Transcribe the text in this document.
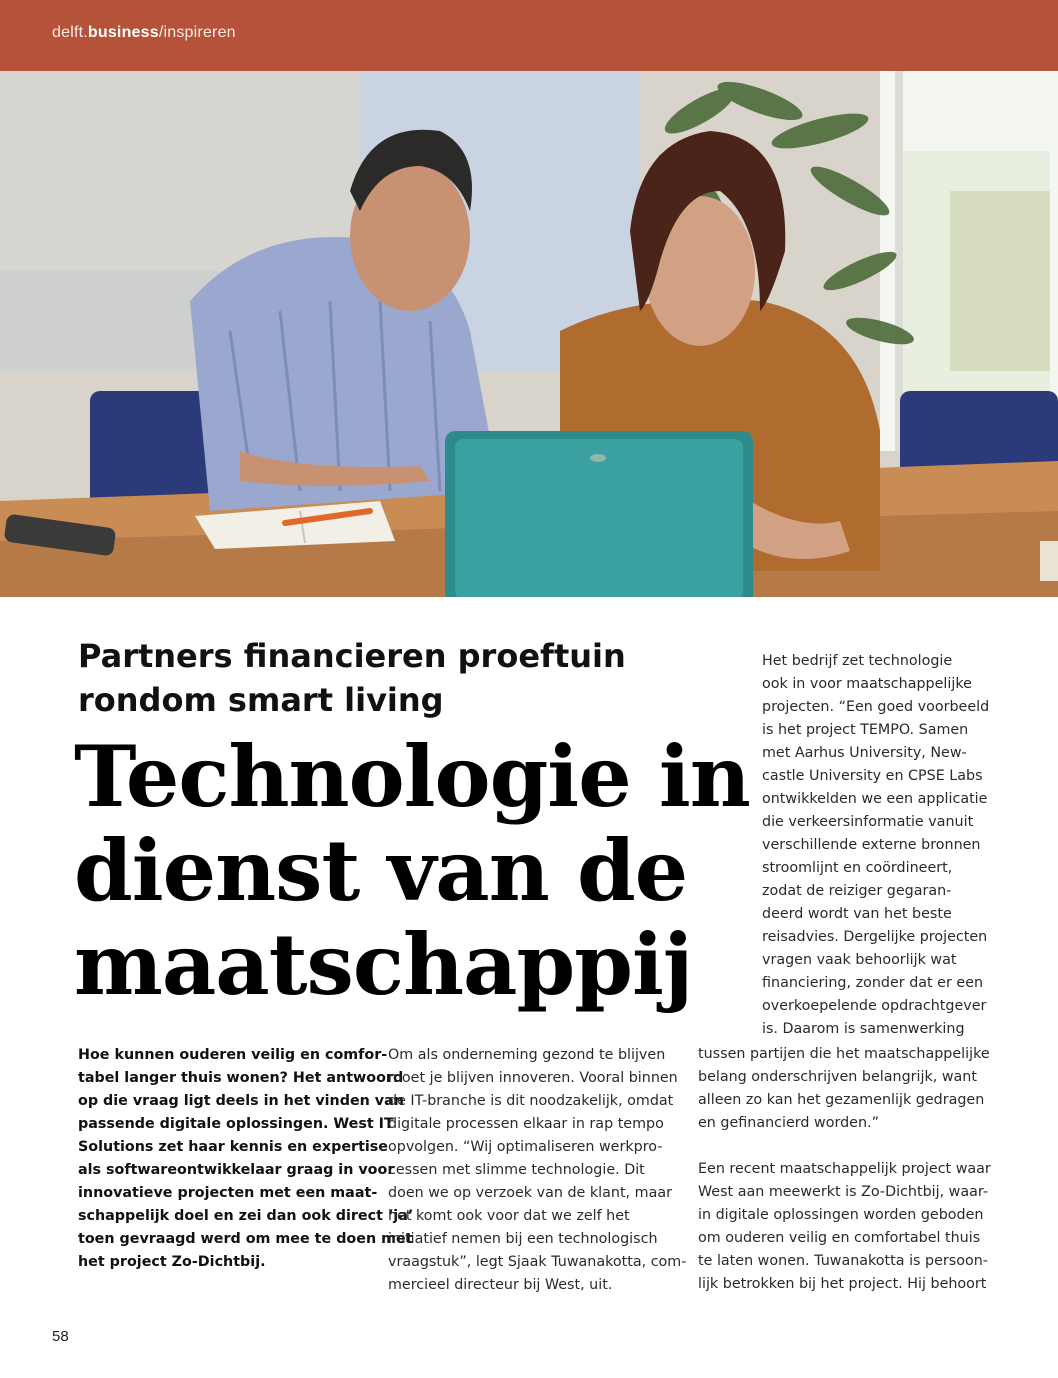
delft.business/inspireren
Partners financieren proeftuin
rondom smart living
Technologie in
dienst van de
maatschappij
Hoe kunnen ouderen veilig en comfor-
tabel langer thuis wonen? Het antwoord
op die vraag ligt deels in het vinden van
passende digitale oplossingen. West IT
Solutions zet haar kennis en expertise
als softwareontwikkelaar graag in voor
innovatieve projecten met een maat-
schappelijk doel en zei dan ook direct ‘ja’
toen gevraagd werd om mee te doen met
het project Zo-Dichtbij.
Om als onderneming gezond te blijven
moet je blijven innoveren. Vooral binnen
de IT-branche is dit noodzakelijk, omdat
digitale processen elkaar in rap tempo
opvolgen. “Wij optimaliseren werkpro-
cessen met slimme technologie. Dit
doen we op verzoek van de klant, maar
het komt ook voor dat we zelf het
initiatief nemen bij een technologisch
vraagstuk”, legt Sjaak Tuwanakotta, com-
mercieel directeur bij West, uit.
Het bedrijf zet technologie
ook in voor maatschappelijke
projecten. “Een goed voorbeeld
is het project TEMPO. Samen
met Aarhus University, New-
castle University en CPSE Labs
ontwikkelden we een applicatie
die verkeersinformatie vanuit
verschillende externe bronnen
stroomlijnt en coördineert,
zodat de reiziger gegaran-
deerd wordt van het beste
reisadvies. Dergelijke projecten
vragen vaak behoorlijk wat
financiering, zonder dat er een
overkoepelende opdrachtgever
is. Daarom is samenwerking
tussen partijen die het maatschappelijke
belang onderschrijven belangrijk, want
alleen zo kan het gezamenlijk gedragen
en gefinancierd worden.”
Een recent maatschappelijk project waar
West aan meewerkt is Zo-Dichtbij, waar-
in digitale oplossingen worden geboden
om ouderen veilig en comfortabel thuis
te laten wonen. Tuwanakotta is persoon-
lijk betrokken bij het project. Hij behoort
58
